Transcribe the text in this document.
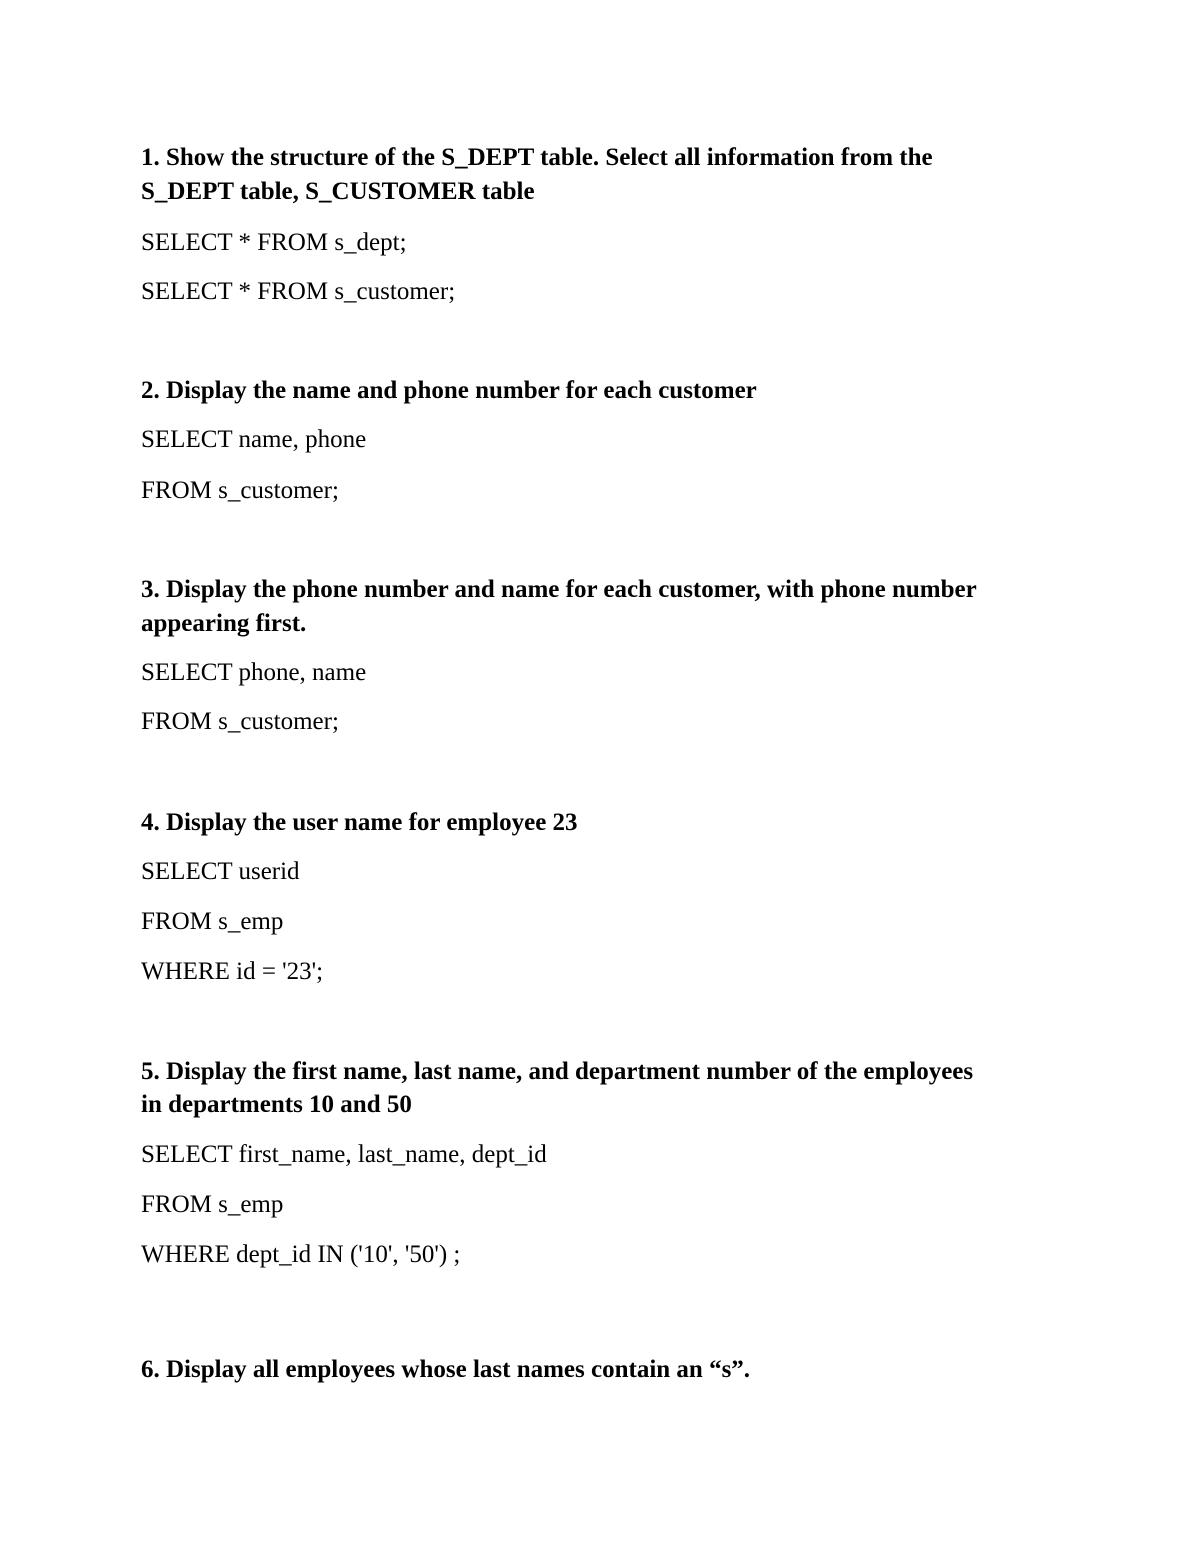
1. Show the structure of the S_DEPT table. Select all information from the

S_DEPT table, S_CUSTOMER table

SELECT * FROM s_dept;

SELECT * FROM s_customer;

2. Display the name and phone number for each customer

SELECT name, phone

FROM s_customer;

3. Display the phone number and name for each customer, with phone number

appearing first.

SELECT phone, name

FROM s_customer;

4. Display the user name for employee 23

SELECT userid

FROM s_emp

WHERE id = '23';

5. Display the first name, last name, and department number of the employees

in departments 10 and 50

SELECT first_name, last_name, dept_id

FROM s_emp

WHERE dept_id IN ('10', '50') ;

6. Display all employees whose last names contain an “s”.
